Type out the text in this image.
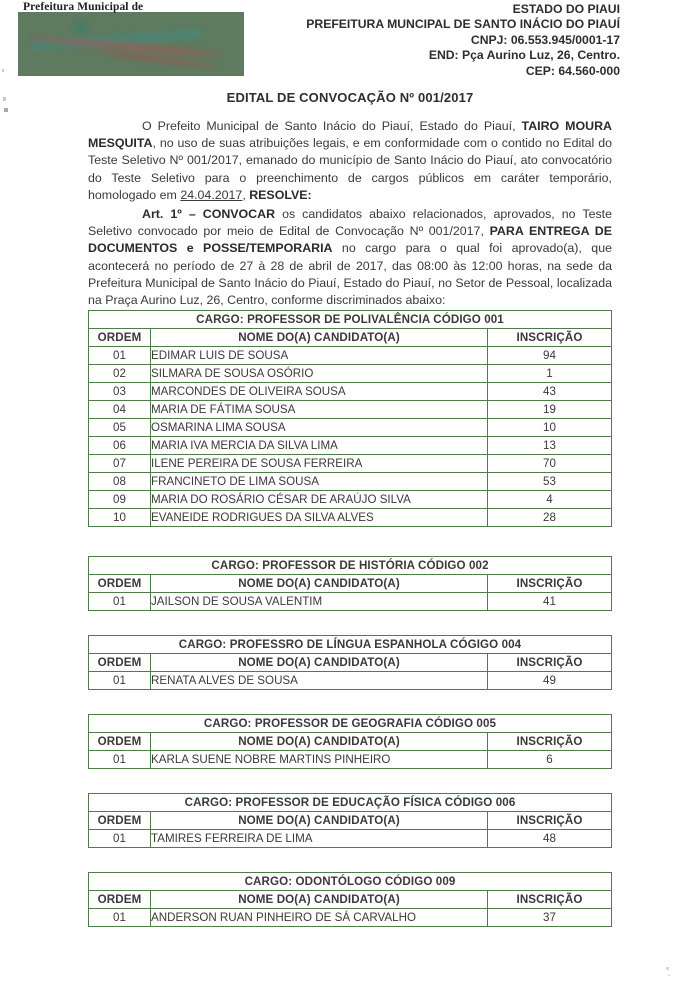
Prefeitura Municipal de	ESTADO DO PIAUI
PREFEITURA MUNCIPAL DE SANTO INÁCIO DO PIAUÍ
CNPJ: 06.553.945/0001-17
END: Pça Aurino Luz, 26, Centro.
CEP: 64.560-000
EDITAL DE CONVOCAÇÃO Nº 001/2017

O Prefeito Municipal de Santo Inácio do Piauí, Estado do Piauí, TAIRO MOURA MESQUITA, no uso de suas atribuições legais, e em conformidade com o contido no Edital do Teste Seletivo Nº 001/2017, emanado do município de Santo Inácio do Piauí, ato convocatório do Teste Seletivo para o preenchimento de cargos públicos em caráter temporário, homologado em 24.04.2017, RESOLVE:

Art. 1º – CONVOCAR os candidatos abaixo relacionados, aprovados, no Teste Seletivo convocado por meio de Edital de Convocação Nº 001/2017, PARA ENTREGA DE DOCUMENTOS e POSSE/TEMPORARIA no cargo para o qual foi aprovado(a), que acontecerá no período de 27 à 28 de abril de 2017, das 08:00 às 12:00 horas, na sede da Prefeitura Municipal de Santo Inácio do Piauí, Estado do Piauí, no Setor de Pessoal, localizada na Praça Aurino Luz, 26, Centro, conforme discriminados abaixo:

CARGO: PROFESSOR DE POLIVALÊNCIA CÓDIGO 001		
ORDEM	NOME DO(A) CANDIDATO(A)	INSCRIÇÃO
01	EDIMAR LUIS DE SOUSA	94
02	SILMARA DE SOUSA OSÓRIO	1
03	MARCONDES DE OLIVEIRA SOUSA	43
04	MARIA DE FÁTIMA SOUSA	19
05	OSMARINA LIMA SOUSA	10
06	MARIA IVA MERCIA DA SILVA LIMA	13
07	ILENE PEREIRA DE SOUSA FERREIRA	70
08	FRANCINETO DE LIMA SOUSA	53
09	MARIA DO ROSÁRIO CÉSAR DE ARAÚJO SILVA	4
10	EVANEIDE RODRIGUES DA SILVA ALVES	28
CARGO: PROFESSOR DE HISTÓRIA CÓDIGO 002		
ORDEM	NOME DO(A) CANDIDATO(A)	INSCRIÇÃO
01	JAILSON DE SOUSA VALENTIM	41
CARGO: PROFESSRO DE LÍNGUA ESPANHOLA CÓGIGO 004		
ORDEM	NOME DO(A) CANDIDATO(A)	INSCRIÇÃO
01	RENATA ALVES DE SOUSA	49
CARGO: PROFESSOR DE GEOGRAFIA CÓDIGO 005		
ORDEM	NOME DO(A) CANDIDATO(A)	INSCRIÇÃO
01	KARLA SUENE NOBRE MARTINS PINHEIRO	6
CARGO: PROFESSOR DE EDUCAÇÃO FÍSICA CÓDIGO 006		
ORDEM	NOME DO(A) CANDIDATO(A)	INSCRIÇÃO
01	TAMIRES FERREIRA DE LIMA	48
CARGO: ODONTÓLOGO CÓDIGO 009		
ORDEM	NOME DO(A) CANDIDATO(A)	INSCRIÇÃO
01	ANDERSON RUAN PINHEIRO DE SÁ CARVALHO	37
